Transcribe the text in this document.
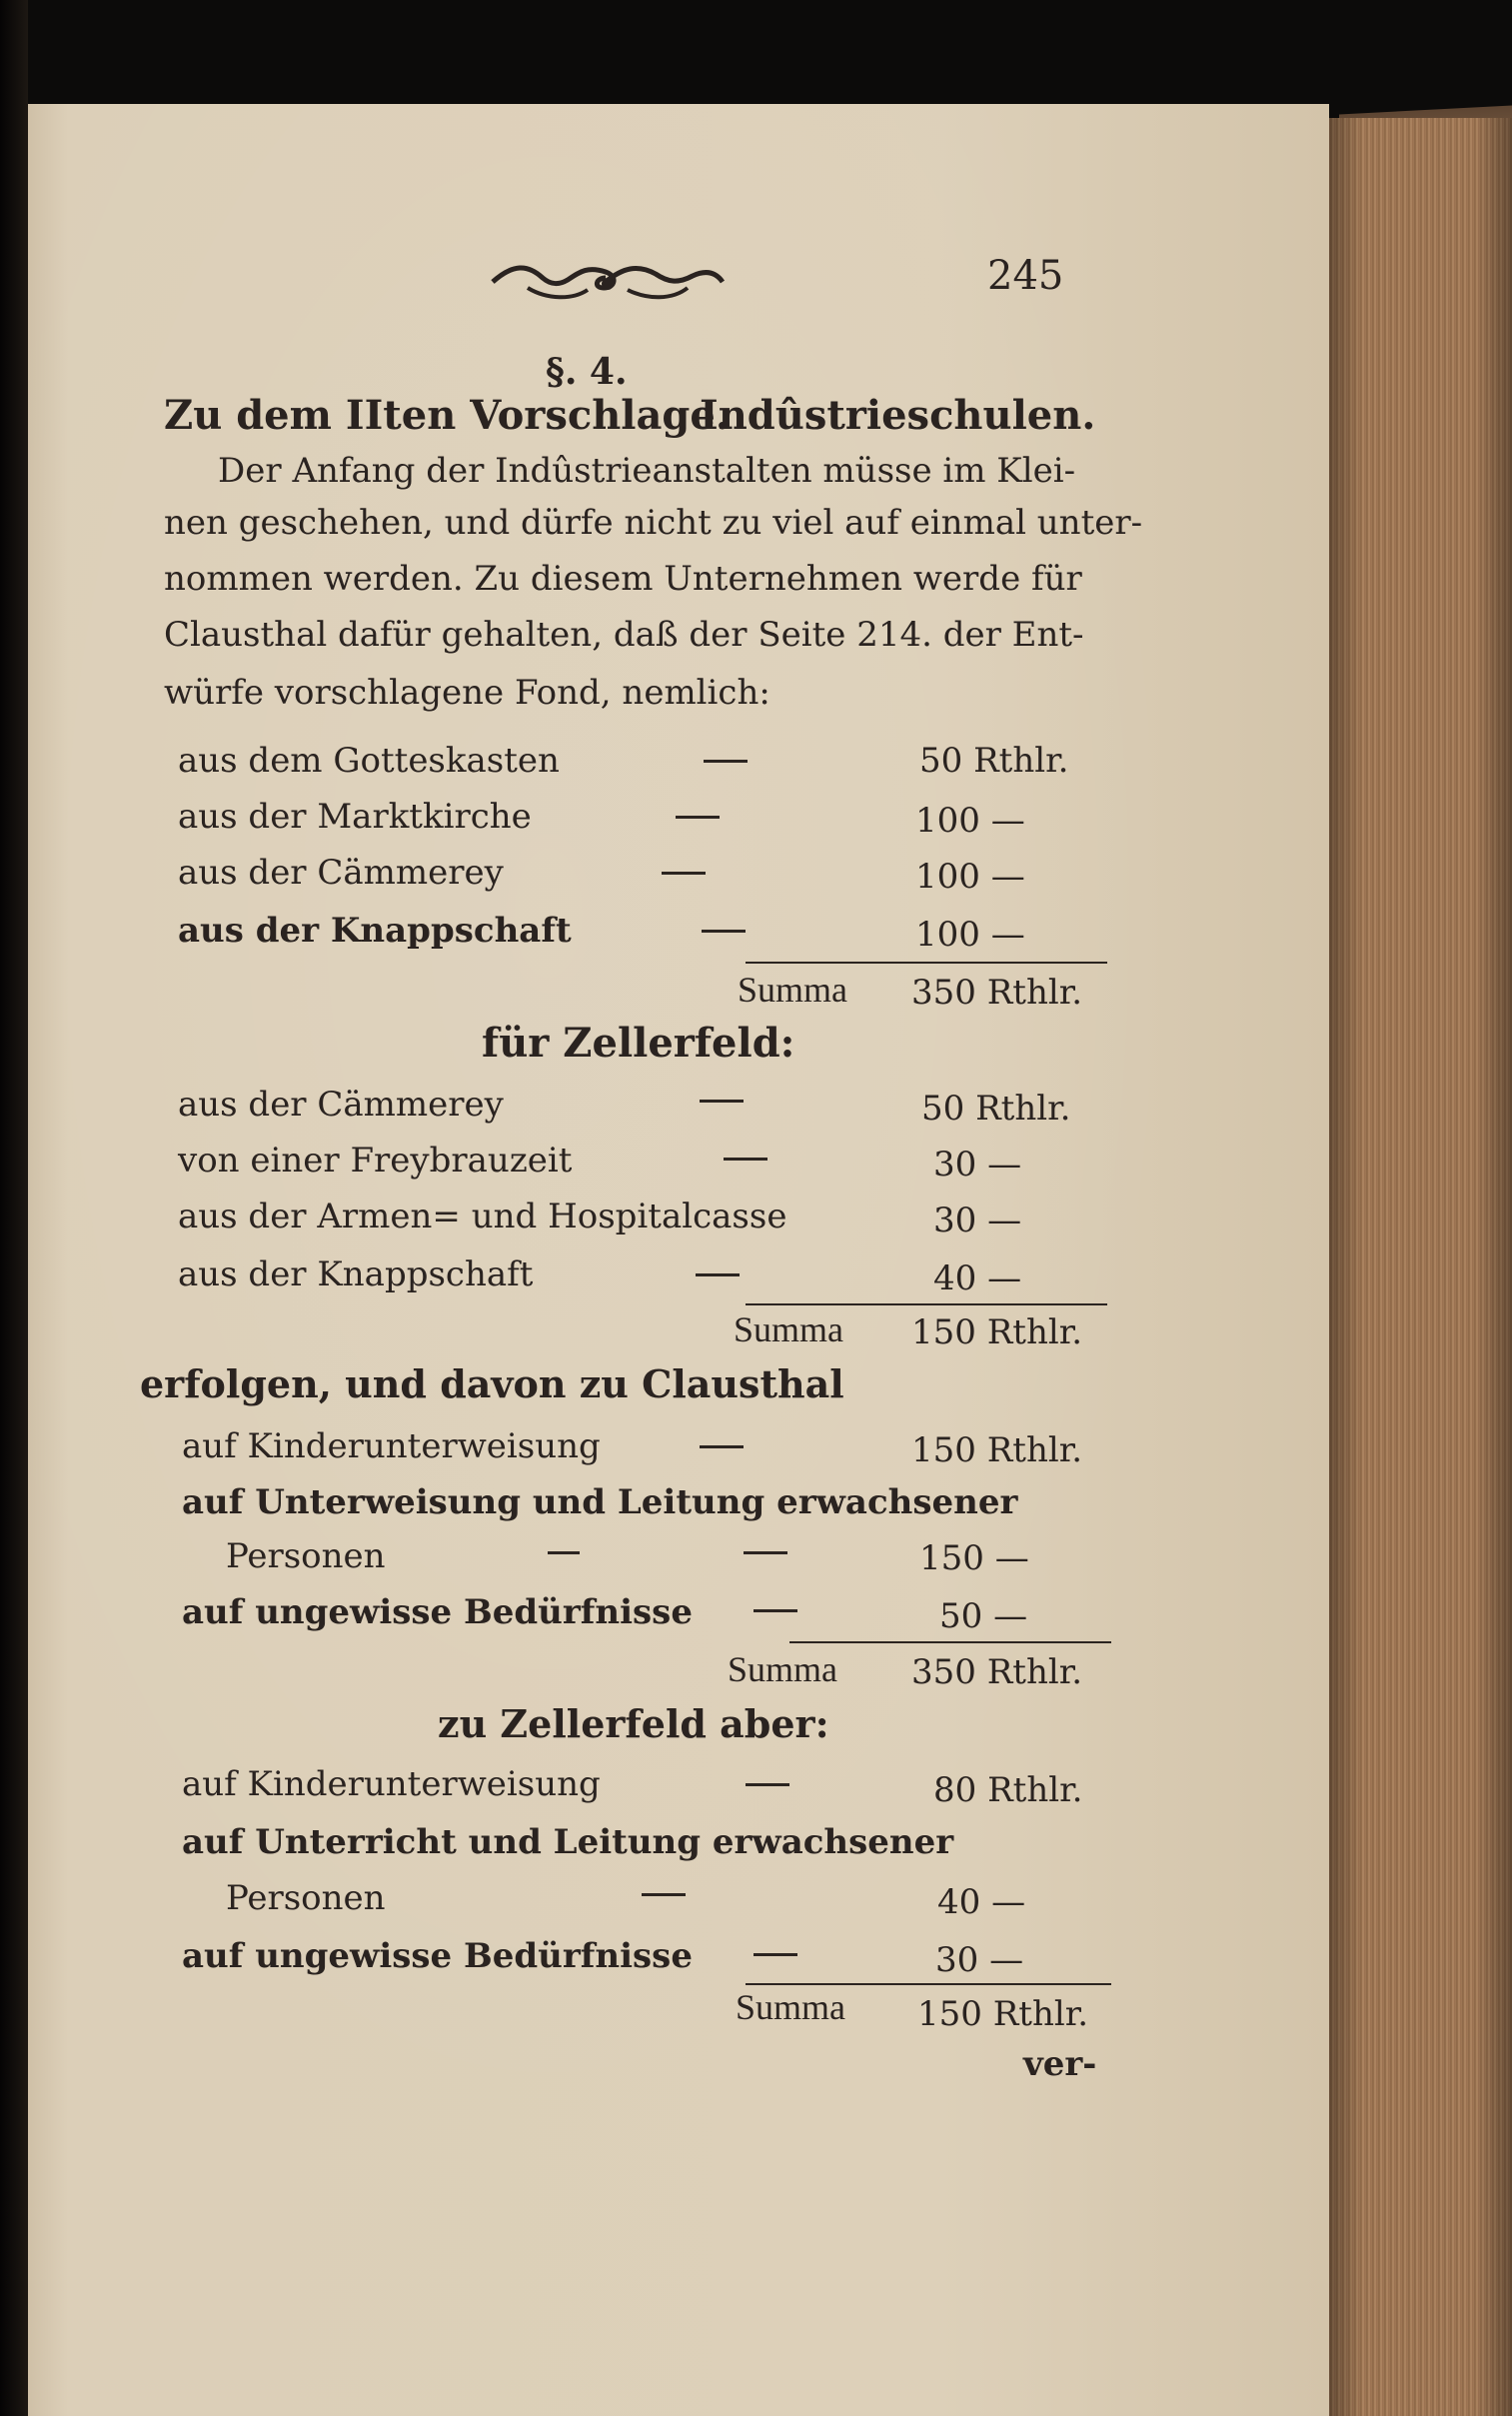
245
§. 4.
Zu dem IIten Vorschlage.
Indûstrieschulen.
Der Anfang der Indûstrieanstalten müsse im Klei-
nen geschehen, und dürfe nicht zu viel auf einmal unter-
nommen werden. Zu diesem Unternehmen werde für
Clausthal dafür gehalten, daß der Seite 214. der Ent-
würfe vorschlagene Fond, nemlich:
aus dem Gotteskasten	50 Rthlr.
aus der Marktkirche	100 —
aus der Cämmerey	100 —
aus der Knappschaft	100 —
Summa 350 Rthlr.
für Zellerfeld:
aus der Cämmerey	50 Rthlr.
von einer Freybrauzeit	30 —
aus der Armen= und Hospitalcasse	30 —
aus der Knappschaft	40 —
Summa 150 Rthlr.
erfolgen, und davon zu Clausthal
auf Kinderunterweisung	150 Rthlr.
auf Unterweisung und Leitung erwachsener
Personen	150 —
auf ungewisse Bedürfnisse	50 —
Summa 350 Rthlr.
zu Zellerfeld aber:
auf Kinderunterweisung	80 Rthlr.
auf Unterricht und Leitung erwachsener
Personen	40 —
auf ungewisse Bedürfnisse	30 —
Summa 150 Rthlr.
ver-
